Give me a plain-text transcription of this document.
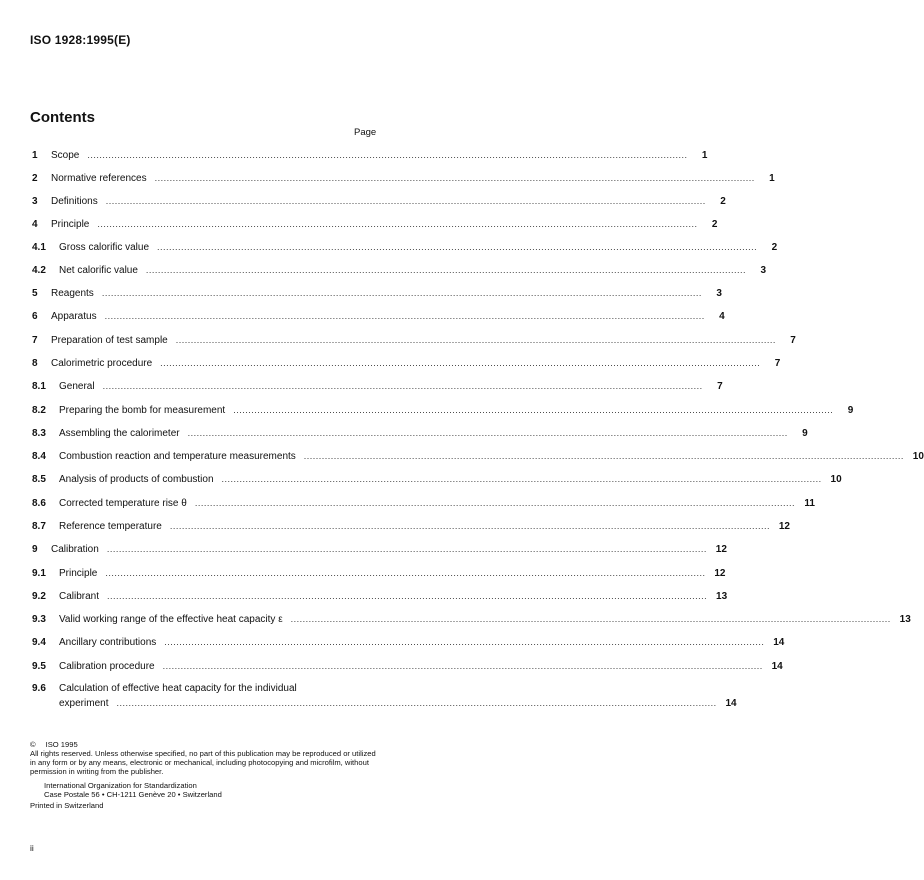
ISO 1928:1995(E)
Contents
Page
1	Scope .....	1
2	Normative references .....	1
3	Definitions .....	2
4	Principle .....	2
4.1	Gross calorific value .....	2
4.2	Net calorific value .....	3
5	Reagents .....	3
6	Apparatus .....	4
7	Preparation of test sample .....	7
8	Calorimetric procedure .....	7
8.1	General .....	7
8.2	Preparing the bomb for measurement .....	9
8.3	Assembling the calorimeter .....	9
8.4	Combustion reaction and temperature measurements .....	10
8.5	Analysis of products of combustion .....	10
8.6	Corrected temperature rise θ .....	11
8.7	Reference temperature .....	12
9	Calibration .....	12
9.1	Principle .....	12
9.2	Calibrant .....	13
9.3	Valid working range of the effective heat capacity ε .....	13
9.4	Ancillary contributions .....	14
9.5	Calibration procedure .....	14
9.6	Calculation of effective heat capacity for the individual
experiment .....	14
© ISO 1995
All rights reserved. Unless otherwise specified, no part of this publication may be reproduced or utilized in any form or by any means, electronic or mechanical, including photocopying and microfilm, without permission in writing from the publisher.
International Organization for Standardization
Case Postale 56 • CH-1211 Genève 20 • Switzerland
Printed in Switzerland
ii
